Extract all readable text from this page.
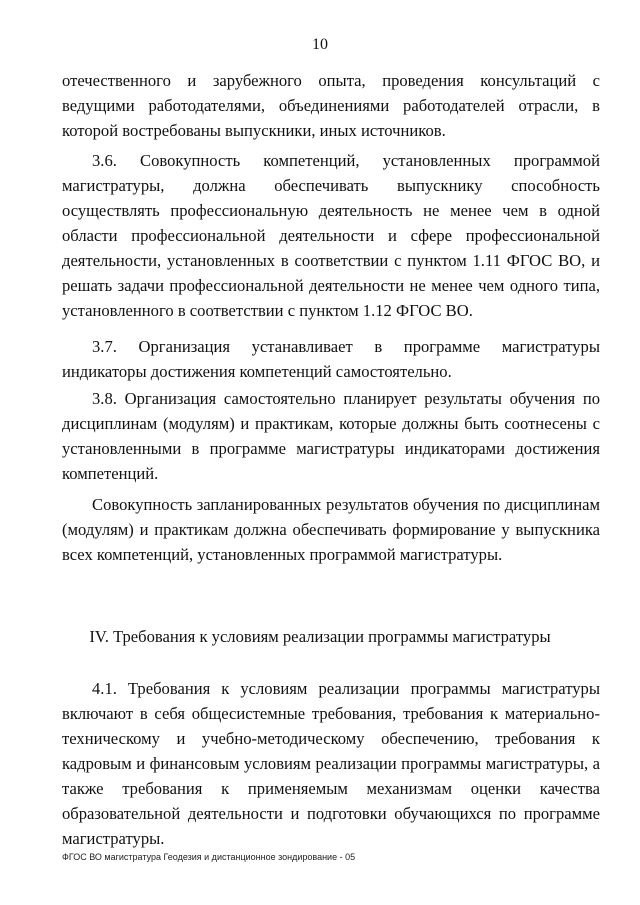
10

отечественного и зарубежного опыта, проведения консультаций с ведущими работодателями, объединениями работодателей отрасли, в которой востребованы выпускники, иных источников.

3.6. Совокупность компетенций, установленных программой магистратуры, должна обеспечивать выпускнику способность осуществлять профессиональную деятельность не менее чем в одной области профессиональной деятельности и сфере профессиональной деятельности, установленных в соответствии с пунктом 1.11 ФГОС ВО, и решать задачи профессиональной деятельности не менее чем одного типа, установленного в соответствии с пунктом 1.12 ФГОС ВО.

3.7. Организация устанавливает в программе магистратуры индикаторы достижения компетенций самостоятельно.

3.8. Организация самостоятельно планирует результаты обучения по дисциплинам (модулям) и практикам, которые должны быть соотнесены с установленными в программе магистратуры индикаторами достижения компетенций.

Совокупность запланированных результатов обучения по дисциплинам (модулям) и практикам должна обеспечивать формирование у выпускника всех компетенций, установленных программой магистратуры.

IV. Требования к условиям реализации программы магистратуры

4.1. Требования к условиям реализации программы магистратуры включают в себя общесистемные требования, требования к материально-техническому и учебно-методическому обеспечению, требования к кадровым и финансовым условиям реализации программы магистратуры, а также требования к применяемым механизмам оценки качества образовательной деятельности и подготовки обучающихся по программе магистратуры.

ФГОС ВО магистратура Геодезия и дистанционное зондирование - 05
